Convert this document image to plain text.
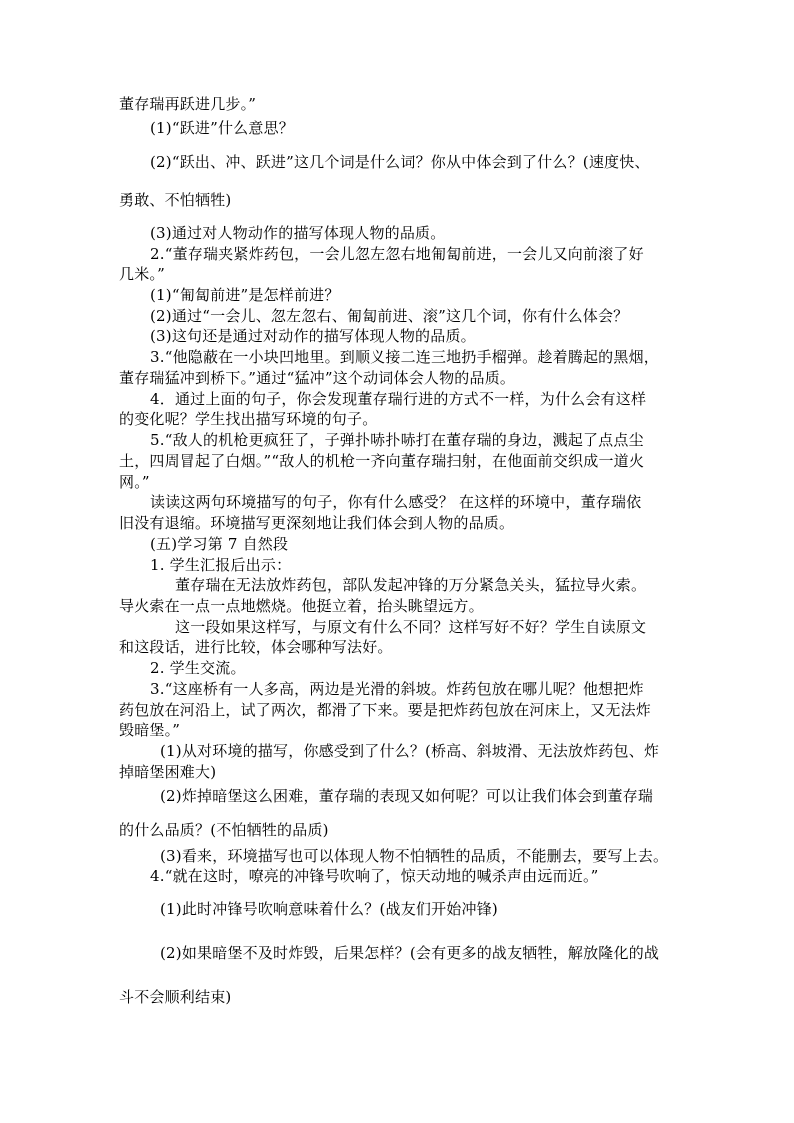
董存瑞再跃进几步。”
(1)“跃进”什么意思？
(2)“跃出、冲、跃进”这几个词是什么词？你从中体会到了什么？(速度快、
勇敢、不怕牺牲)
(3)通过对人物动作的描写体现人物的品质。
2.“董存瑞夹紧炸药包，一会儿忽左忽右地匍匐前进，一会儿又向前滚了好
几米。”
(1)“匍匐前进”是怎样前进？
(2)通过“一会儿、忽左忽右、匍匐前进、滚”这几个词，你有什么体会？
(3)这句还是通过对动作的描写体现人物的品质。
3.“他隐蔽在一小块凹地里。到顺义接二连三地扔手榴弹。趁着腾起的黑烟，
董存瑞猛冲到桥下。”通过“猛冲”这个动词体会人物的品质。
4．通过上面的句子，你会发现董存瑞行进的方式不一样，为什么会有这样
的变化呢？学生找出描写环境的句子。
5.“敌人的机枪更疯狂了，子弹扑哧扑哧打在董存瑞的身边，溅起了点点尘
土，四周冒起了白烟。”“敌人的机枪一齐向董存瑞扫射，在他面前交织成一道火
网。”
读读这两句环境描写的句子，你有什么感受？ 在这样的环境中，董存瑞依
旧没有退缩。环境描写更深刻地让我们体会到人物的品质。
(五)学习第 7 自然段
1. 学生汇报后出示：
董存瑞在无法放炸药包，部队发起冲锋的万分紧急关头，猛拉导火索。
导火索在一点一点地燃烧。他挺立着，抬头眺望远方。
这一段如果这样写，与原文有什么不同？这样写好不好？学生自读原文
和这段话，进行比较，体会哪种写法好。
2. 学生交流。
3.“这座桥有一人多高，两边是光滑的斜坡。炸药包放在哪儿呢？他想把炸
药包放在河沿上，试了两次，都滑了下来。要是把炸药包放在河床上，又无法炸
毁暗堡。”
(1)从对环境的描写，你感受到了什么？(桥高、斜坡滑、无法放炸药包、炸
掉暗堡困难大)
(2)炸掉暗堡这么困难，董存瑞的表现又如何呢？可以让我们体会到董存瑞
的什么品质？(不怕牺牲的品质)
(3)看来，环境描写也可以体现人物不怕牺牲的品质，不能删去，要写上去。
4.“就在这时，嘹亮的冲锋号吹响了，惊天动地的喊杀声由远而近。”
(1)此时冲锋号吹响意味着什么？(战友们开始冲锋)
(2)如果暗堡不及时炸毁，后果怎样？(会有更多的战友牺牲，解放隆化的战
斗不会顺利结束)
